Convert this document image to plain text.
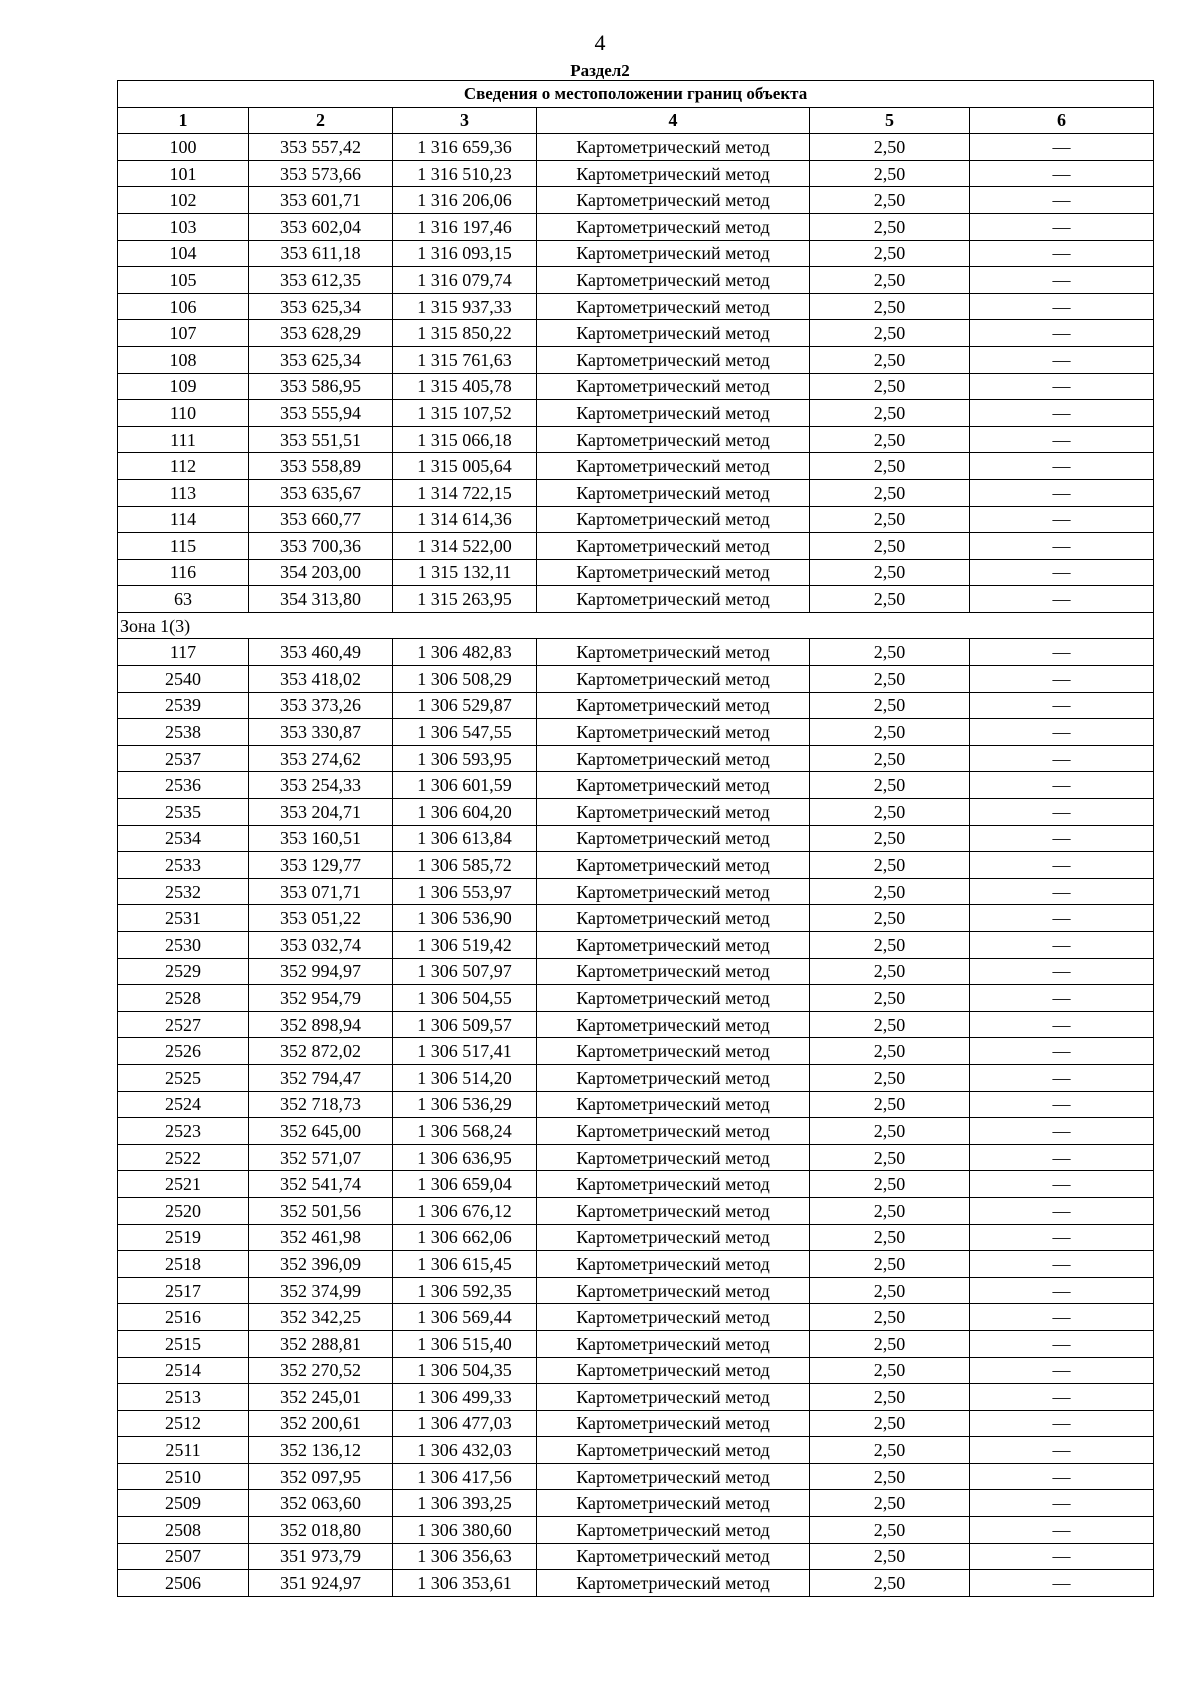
4
Раздел2
Сведения о местоположении границ объекта					
1	2	3	4	5	6
100	353 557,42	1 316 659,36	Картометрический метод	2,50	—
101	353 573,66	1 316 510,23	Картометрический метод	2,50	—
102	353 601,71	1 316 206,06	Картометрический метод	2,50	—
103	353 602,04	1 316 197,46	Картометрический метод	2,50	—
104	353 611,18	1 316 093,15	Картометрический метод	2,50	—
105	353 612,35	1 316 079,74	Картометрический метод	2,50	—
106	353 625,34	1 315 937,33	Картометрический метод	2,50	—
107	353 628,29	1 315 850,22	Картометрический метод	2,50	—
108	353 625,34	1 315 761,63	Картометрический метод	2,50	—
109	353 586,95	1 315 405,78	Картометрический метод	2,50	—
110	353 555,94	1 315 107,52	Картометрический метод	2,50	—
111	353 551,51	1 315 066,18	Картометрический метод	2,50	—
112	353 558,89	1 315 005,64	Картометрический метод	2,50	—
113	353 635,67	1 314 722,15	Картометрический метод	2,50	—
114	353 660,77	1 314 614,36	Картометрический метод	2,50	—
115	353 700,36	1 314 522,00	Картометрический метод	2,50	—
116	354 203,00	1 315 132,11	Картометрический метод	2,50	—
63	354 313,80	1 315 263,95	Картометрический метод	2,50	—
Зона 1(3)					
117	353 460,49	1 306 482,83	Картометрический метод	2,50	—
2540	353 418,02	1 306 508,29	Картометрический метод	2,50	—
2539	353 373,26	1 306 529,87	Картометрический метод	2,50	—
2538	353 330,87	1 306 547,55	Картометрический метод	2,50	—
2537	353 274,62	1 306 593,95	Картометрический метод	2,50	—
2536	353 254,33	1 306 601,59	Картометрический метод	2,50	—
2535	353 204,71	1 306 604,20	Картометрический метод	2,50	—
2534	353 160,51	1 306 613,84	Картометрический метод	2,50	—
2533	353 129,77	1 306 585,72	Картометрический метод	2,50	—
2532	353 071,71	1 306 553,97	Картометрический метод	2,50	—
2531	353 051,22	1 306 536,90	Картометрический метод	2,50	—
2530	353 032,74	1 306 519,42	Картометрический метод	2,50	—
2529	352 994,97	1 306 507,97	Картометрический метод	2,50	—
2528	352 954,79	1 306 504,55	Картометрический метод	2,50	—
2527	352 898,94	1 306 509,57	Картометрический метод	2,50	—
2526	352 872,02	1 306 517,41	Картометрический метод	2,50	—
2525	352 794,47	1 306 514,20	Картометрический метод	2,50	—
2524	352 718,73	1 306 536,29	Картометрический метод	2,50	—
2523	352 645,00	1 306 568,24	Картометрический метод	2,50	—
2522	352 571,07	1 306 636,95	Картометрический метод	2,50	—
2521	352 541,74	1 306 659,04	Картометрический метод	2,50	—
2520	352 501,56	1 306 676,12	Картометрический метод	2,50	—
2519	352 461,98	1 306 662,06	Картометрический метод	2,50	—
2518	352 396,09	1 306 615,45	Картометрический метод	2,50	—
2517	352 374,99	1 306 592,35	Картометрический метод	2,50	—
2516	352 342,25	1 306 569,44	Картометрический метод	2,50	—
2515	352 288,81	1 306 515,40	Картометрический метод	2,50	—
2514	352 270,52	1 306 504,35	Картометрический метод	2,50	—
2513	352 245,01	1 306 499,33	Картометрический метод	2,50	—
2512	352 200,61	1 306 477,03	Картометрический метод	2,50	—
2511	352 136,12	1 306 432,03	Картометрический метод	2,50	—
2510	352 097,95	1 306 417,56	Картометрический метод	2,50	—
2509	352 063,60	1 306 393,25	Картометрический метод	2,50	—
2508	352 018,80	1 306 380,60	Картометрический метод	2,50	—
2507	351 973,79	1 306 356,63	Картометрический метод	2,50	—
2506	351 924,97	1 306 353,61	Картометрический метод	2,50	—
